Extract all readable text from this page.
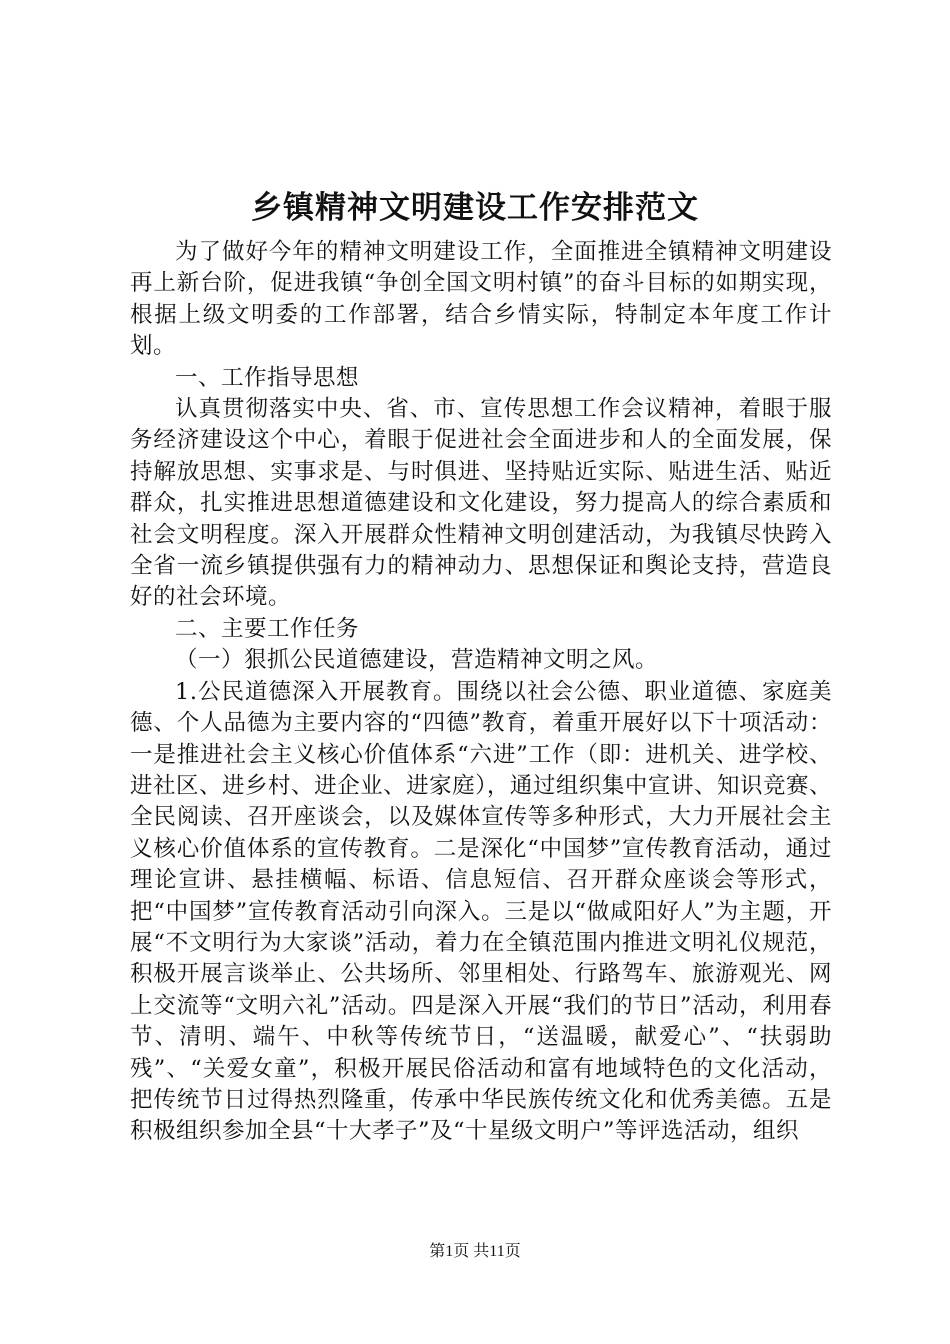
乡镇精神文明建设工作安排范文

为了做好今年的精神文明建设工作，全面推进全镇精神文明建设再上新台阶，促进我镇“争创全国文明村镇”的奋斗目标的如期实现，根据上级文明委的工作部署，结合乡情实际，特制定本年度工作计划。

一、工作指导思想

认真贯彻落实中央、省、市、宣传思想工作会议精神，着眼于服务经济建设这个中心，着眼于促进社会全面进步和人的全面发展，保持解放思想、实事求是、与时俱进、坚持贴近实际、贴进生活、贴近群众，扎实推进思想道德建设和文化建设，努力提高人的综合素质和社会文明程度。深入开展群众性精神文明创建活动，为我镇尽快跨入全省一流乡镇提供强有力的精神动力、思想保证和舆论支持，营造良好的社会环境。

二、主要工作任务

（一）狠抓公民道德建设，营造精神文明之风。

1.公民道德深入开展教育。围绕以社会公德、职业道德、家庭美德、个人品德为主要内容的“四德”教育，着重开展好以下十项活动：一是推进社会主义核心价值体系“六进”工作（即：进机关、进学校、进社区、进乡村、进企业、进家庭），通过组织集中宣讲、知识竞赛、全民阅读、召开座谈会，以及媒体宣传等多种形式，大力开展社会主义核心价值体系的宣传教育。二是深化“中国梦”宣传教育活动，通过理论宣讲、悬挂横幅、标语、信息短信、召开群众座谈会等形式，把“中国梦”宣传教育活动引向深入。三是以“做咸阳好人”为主题，开展“不文明行为大家谈”活动，着力在全镇范围内推进文明礼仪规范，积极开展言谈举止、公共场所、邻里相处、行路驾车、旅游观光、网上交流等“文明六礼”活动。四是深入开展“我们的节日”活动，利用春节、清明、端午、中秋等传统节日，“送温暖，献爱心”、“扶弱助残”、“关爱女童”，积极开展民俗活动和富有地域特色的文化活动，把传统节日过得热烈隆重，传承中华民族传统文化和优秀美德。五是积极组织参加全县“十大孝子”及“十星级文明户”等评选活动，组织

第1页 共11页
